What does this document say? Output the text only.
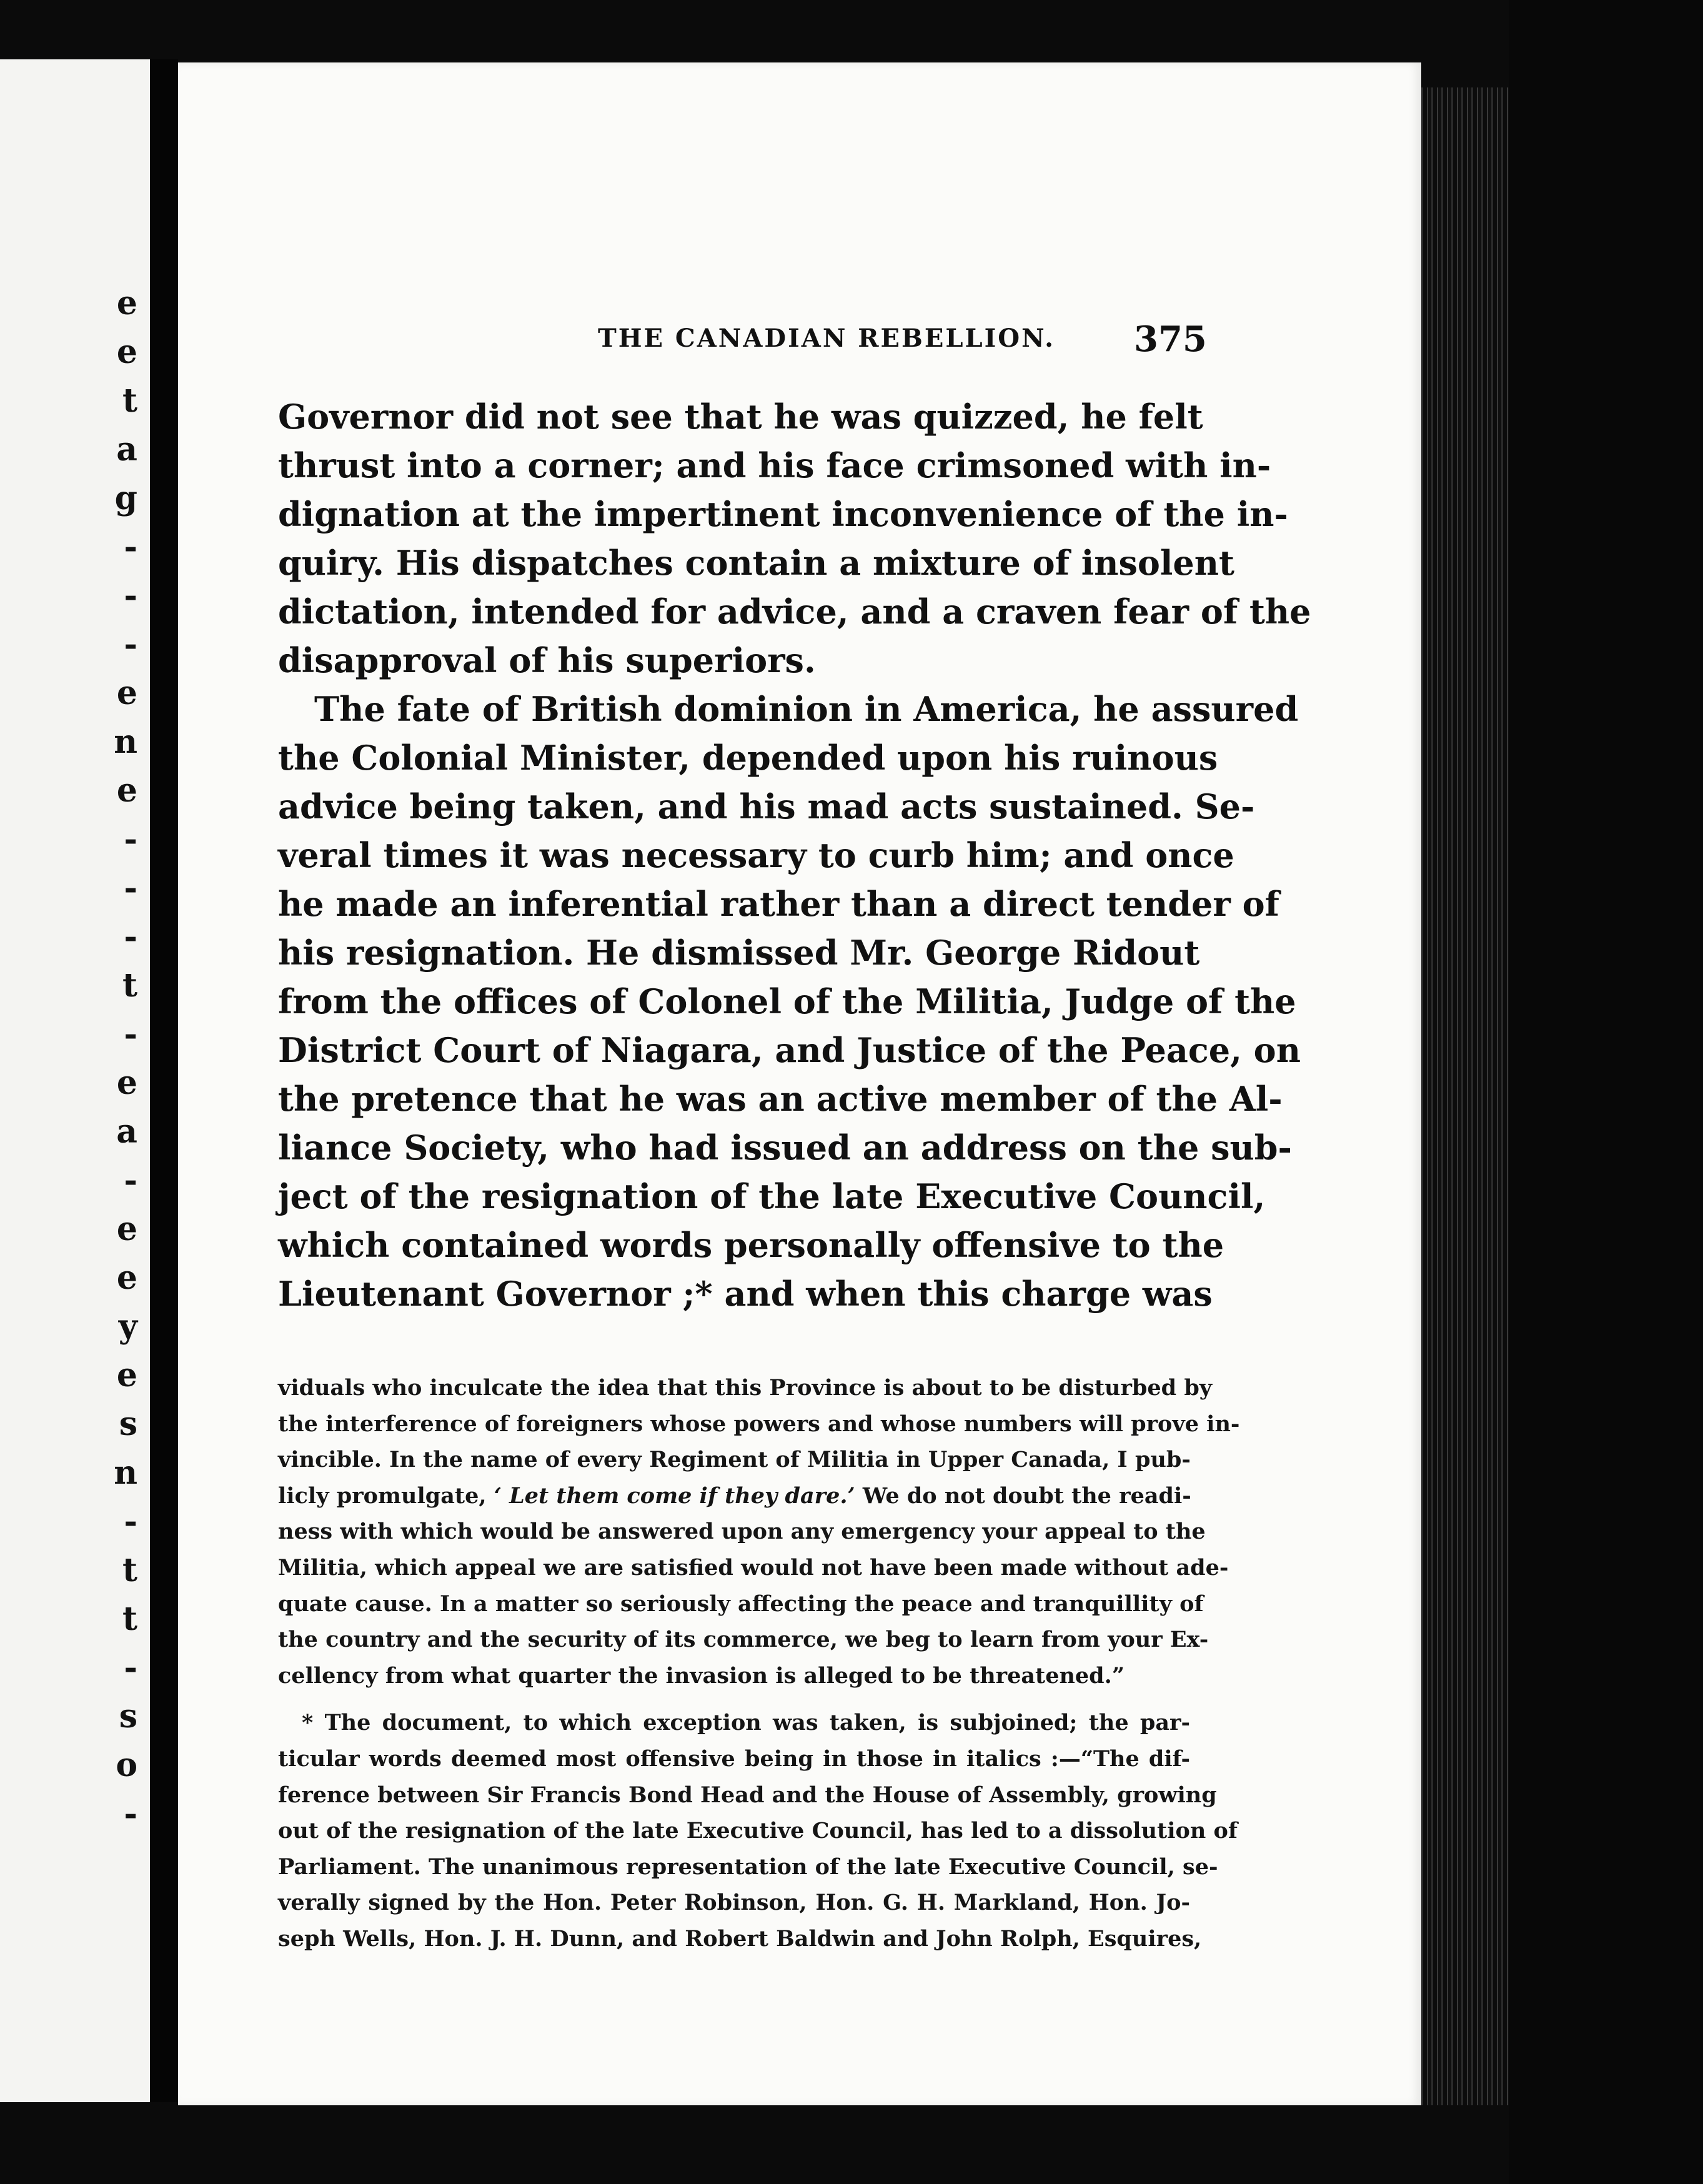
e
e
t
a
g
-
-
-
e
n
e
-
-
-
t
-
e
a
-
e
e
y
e
s
n
-
t
t
-
s
o
-
THE CANADIAN REBELLION.	375
Governor did not see that he was quizzed, he felt
thrust into a corner; and his face crimsoned with in-
dignation at the impertinent inconvenience of the in-
quiry. His dispatches contain a mixture of insolent
dictation, intended for advice, and a craven fear of the
disapproval of his superiors.
The fate of British dominion in America, he assured
the Colonial Minister, depended upon his ruinous
advice being taken, and his mad acts sustained. Se-
veral times it was necessary to curb him; and once
he made an inferential rather than a direct tender of
his resignation. He dismissed Mr. George Ridout
from the offices of Colonel of the Militia, Judge of the
District Court of Niagara, and Justice of the Peace, on
the pretence that he was an active member of the Al-
liance Society, who had issued an address on the sub-
ject of the resignation of the late Executive Council,
which contained words personally offensive to the
Lieutenant Governor ;* and when this charge was
viduals who inculcate the idea that this Province is about to be disturbed by
the interference of foreigners whose powers and whose numbers will prove in-
vincible. In the name of every Regiment of Militia in Upper Canada, I pub-
licly promulgate, ‘ Let them come if they dare.’ We do not doubt the readi-
ness with which would be answered upon any emergency your appeal to the
Militia, which appeal we are satisfied would not have been made without ade-
quate cause. In a matter so seriously affecting the peace and tranquillity of
the country and the security of its commerce, we beg to learn from your Ex-
cellency from what quarter the invasion is alleged to be threatened.”
* The document, to which exception was taken, is subjoined; the par-
ticular words deemed most offensive being in those in italics :—“The dif-
ference between Sir Francis Bond Head and the House of Assembly, growing
out of the resignation of the late Executive Council, has led to a dissolution of
Parliament. The unanimous representation of the late Executive Council, se-
verally signed by the Hon. Peter Robinson, Hon. G. H. Markland, Hon. Jo-
seph Wells, Hon. J. H. Dunn, and Robert Baldwin and John Rolph, Esquires,
